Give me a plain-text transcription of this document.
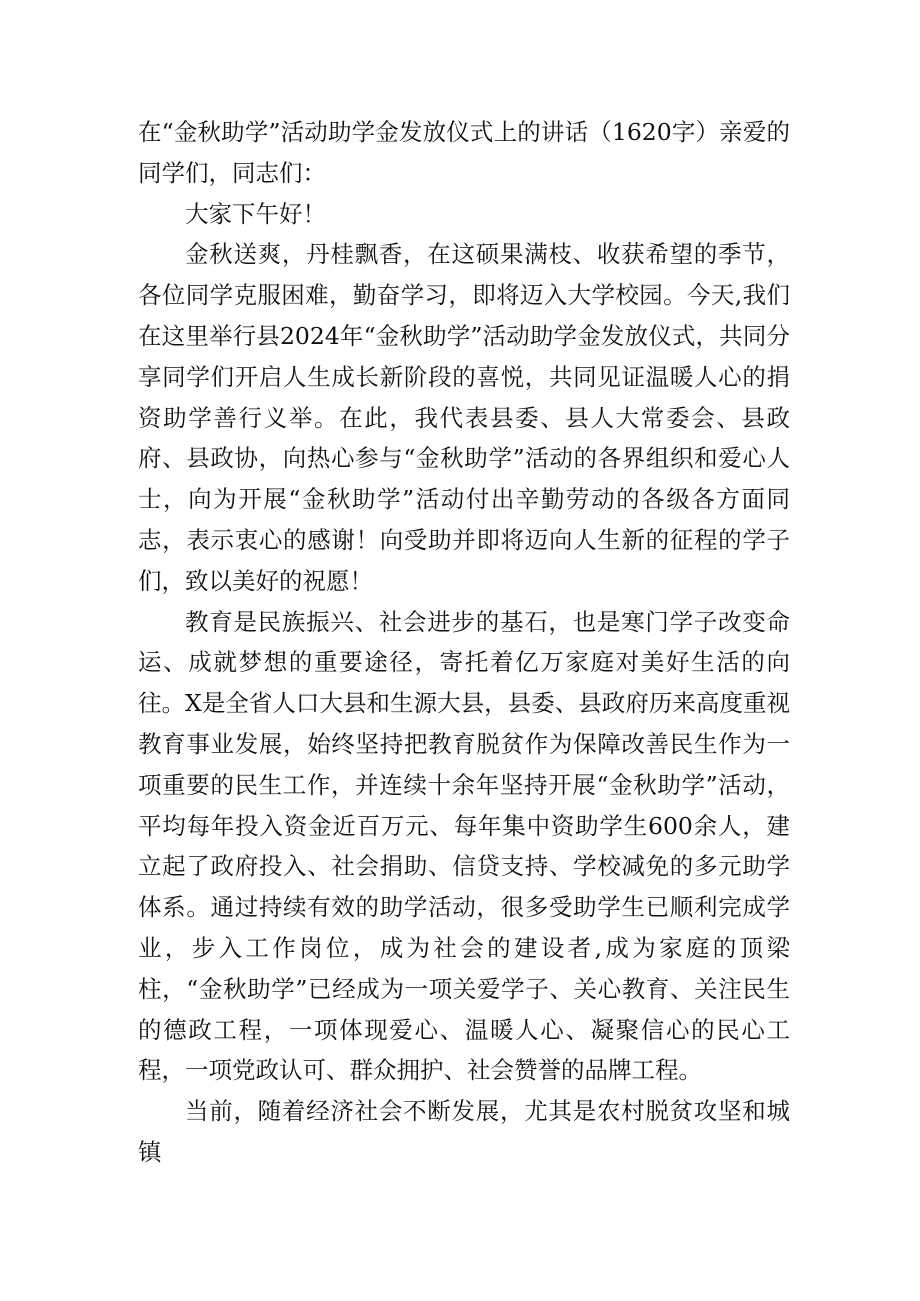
在“金秋助学”活动助学金发放仪式上的讲话（1620字）亲爱的同学们，同志们：

大家下午好！

金秋送爽，丹桂飘香，在这硕果满枝、收获希望的季节，各位同学克服困难，勤奋学习，即将迈入大学校园。今天,我们在这里举行县2024年“金秋助学”活动助学金发放仪式，共同分享同学们开启人生成长新阶段的喜悦，共同见证温暖人心的捐资助学善行义举。在此，我代表县委、县人大常委会、县政府、县政协，向热心参与“金秋助学”活动的各界组织和爱心人士，向为开展“金秋助学”活动付出辛勤劳动的各级各方面同志，表示衷心的感谢！向受助并即将迈向人生新的征程的学子们，致以美好的祝愿！

教育是民族振兴、社会进步的基石，也是寒门学子改变命运、成就梦想的重要途径，寄托着亿万家庭对美好生活的向往。X是全省人口大县和生源大县，县委、县政府历来高度重视教育事业发展，始终坚持把教育脱贫作为保障改善民生作为一项重要的民生工作，并连续十余年坚持开展“金秋助学”活动，平均每年投入资金近百万元、每年集中资助学生600余人，建立起了政府投入、社会捐助、信贷支持、学校减免的多元助学体系。通过持续有效的助学活动，很多受助学生已顺利完成学业，步入工作岗位，成为社会的建设者,成为家庭的顶梁柱，“金秋助学”已经成为一项关爱学子、关心教育、关注民生的德政工程，一项体现爱心、温暖人心、凝聚信心的民心工程，一项党政认可、群众拥护、社会赞誉的品牌工程。

当前，随着经济社会不断发展，尤其是农村脱贫攻坚和城镇
